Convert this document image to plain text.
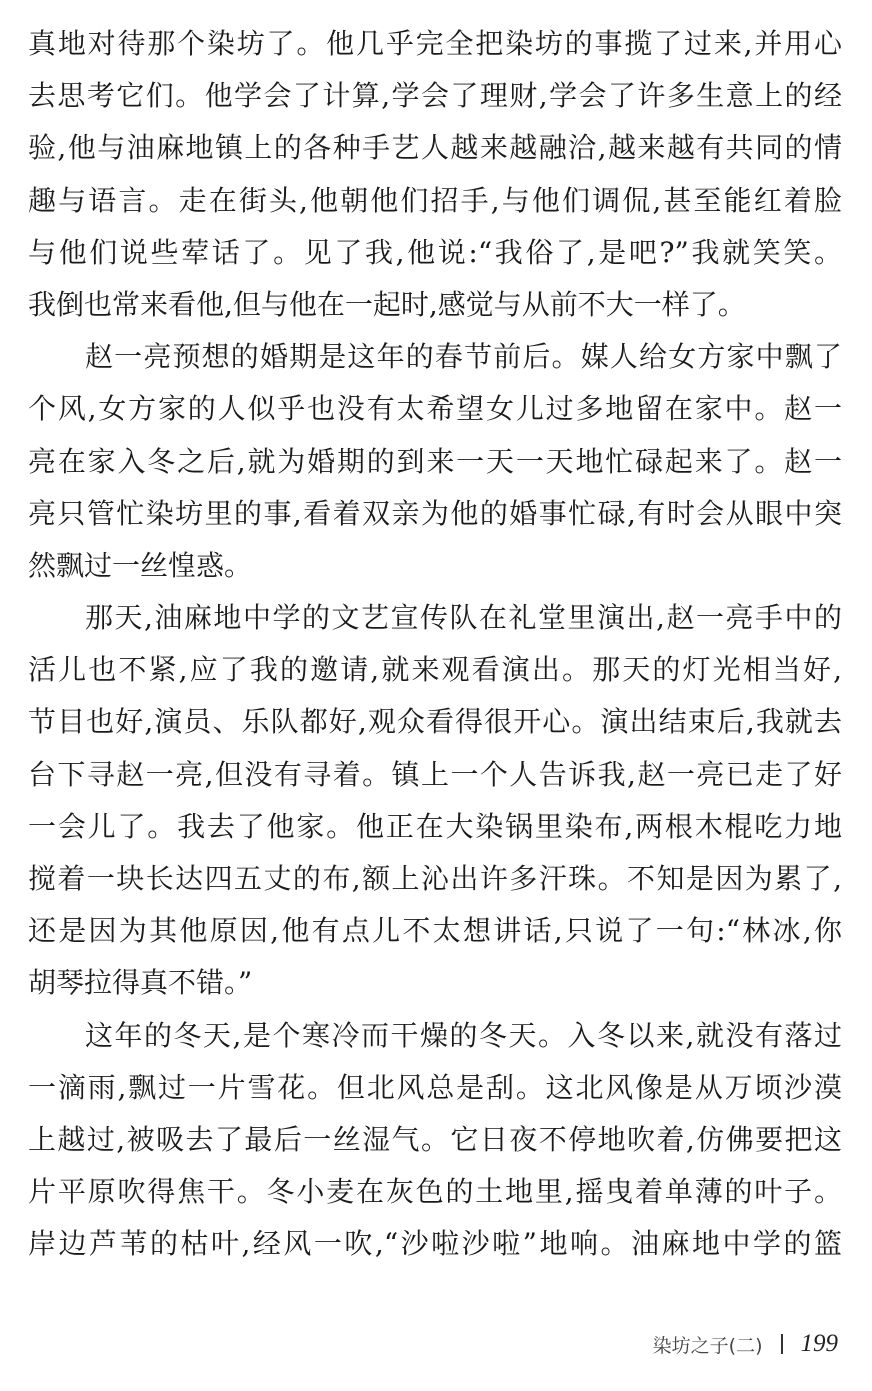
真地对待那个染坊了。他几乎完全把染坊的事揽了过来,并用心
去思考它们。他学会了计算,学会了理财,学会了许多生意上的经
验,他与油麻地镇上的各种手艺人越来越融洽,越来越有共同的情
趣与语言。走在街头,他朝他们招手,与他们调侃,甚至能红着脸
与他们说些荤话了。见了我,他说:“我俗了,是吧?”我就笑笑。
我倒也常来看他,但与他在一起时,感觉与从前不大一样了。
赵一亮预想的婚期是这年的春节前后。媒人给女方家中飘了
个风,女方家的人似乎也没有太希望女儿过多地留在家中。赵一
亮在家入冬之后,就为婚期的到来一天一天地忙碌起来了。赵一
亮只管忙染坊里的事,看着双亲为他的婚事忙碌,有时会从眼中突
然飘过一丝惶惑。
那天,油麻地中学的文艺宣传队在礼堂里演出,赵一亮手中的
活儿也不紧,应了我的邀请,就来观看演出。那天的灯光相当好,
节目也好,演员、乐队都好,观众看得很开心。演出结束后,我就去
台下寻赵一亮,但没有寻着。镇上一个人告诉我,赵一亮已走了好
一会儿了。我去了他家。他正在大染锅里染布,两根木棍吃力地
搅着一块长达四五丈的布,额上沁出许多汗珠。不知是因为累了,
还是因为其他原因,他有点儿不太想讲话,只说了一句:“林冰,你
胡琴拉得真不错。”
这年的冬天,是个寒冷而干燥的冬天。入冬以来,就没有落过
一滴雨,飘过一片雪花。但北风总是刮。这北风像是从万顷沙漠
上越过,被吸去了最后一丝湿气。它日夜不停地吹着,仿佛要把这
片平原吹得焦干。冬小麦在灰色的土地里,摇曳着单薄的叶子。
岸边芦苇的枯叶,经风一吹,“沙啦沙啦”地响。油麻地中学的篮
染坊之子(二) 199
